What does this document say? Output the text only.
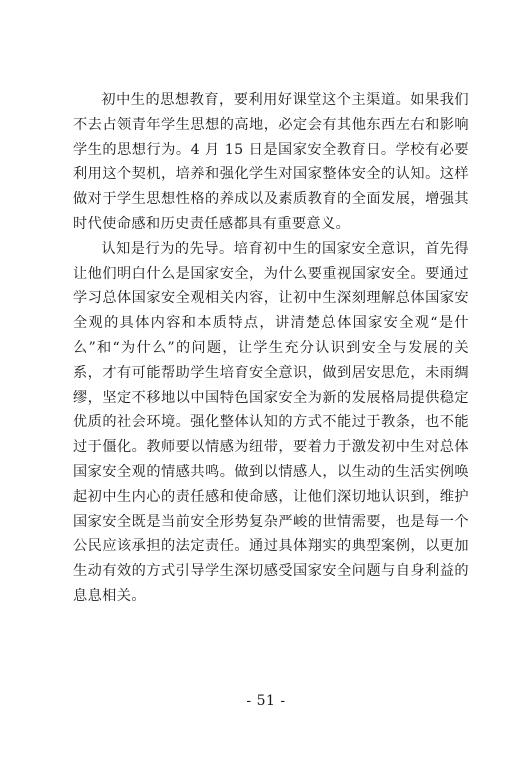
初中生的思想教育，要利用好课堂这个主渠道。如果我们不去占领青年学生思想的高地，必定会有其他东西左右和影响学生的思想行为。4 月 15 日是国家安全教育日。学校有必要利用这个契机，培养和强化学生对国家整体安全的认知。这样做对于学生思想性格的养成以及素质教育的全面发展，增强其时代使命感和历史责任感都具有重要意义。

认知是行为的先导。培育初中生的国家安全意识，首先得让他们明白什么是国家安全，为什么要重视国家安全。要通过学习总体国家安全观相关内容，让初中生深刻理解总体国家安全观的具体内容和本质特点，讲清楚总体国家安全观“是什么”和“为什么”的问题，让学生充分认识到安全与发展的关系，才有可能帮助学生培育安全意识，做到居安思危，未雨绸缪，坚定不移地以中国特色国家安全为新的发展格局提供稳定优质的社会环境。强化整体认知的方式不能过于教条，也不能过于僵化。教师要以情感为纽带，要着力于激发初中生对总体国家安全观的情感共鸣。做到以情感人，以生动的生活实例唤起初中生内心的责任感和使命感，让他们深切地认识到，维护国家安全既是当前安全形势复杂严峻的世情需要，也是每一个公民应该承担的法定责任。通过具体翔实的典型案例，以更加生动有效的方式引导学生深切感受国家安全问题与自身利益的息息相关。

- 51 -
